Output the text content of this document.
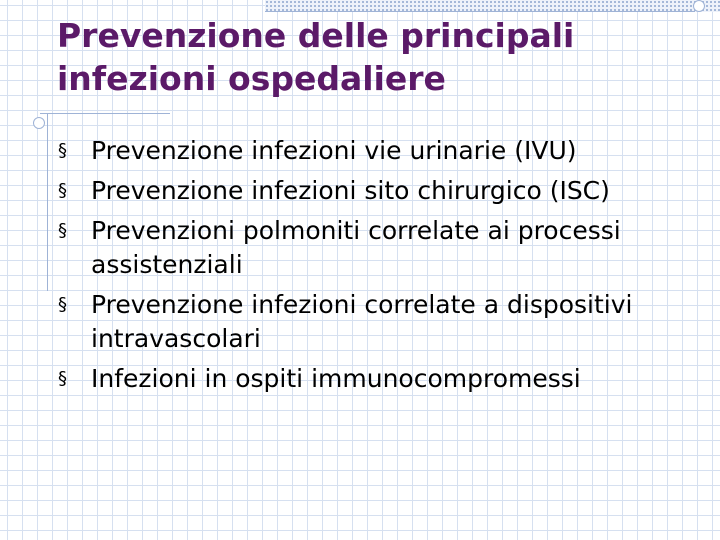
Prevenzione delle principali
infezioni ospedaliere
§ Prevenzione infezioni vie urinarie (IVU)
§ Prevenzione infezioni sito chirurgico (ISC)
§ Prevenzioni polmoniti correlate ai processi
assistenziali
§ Prevenzione infezioni correlate a dispositivi
intravascolari
§ Infezioni in ospiti immunocompromessi
